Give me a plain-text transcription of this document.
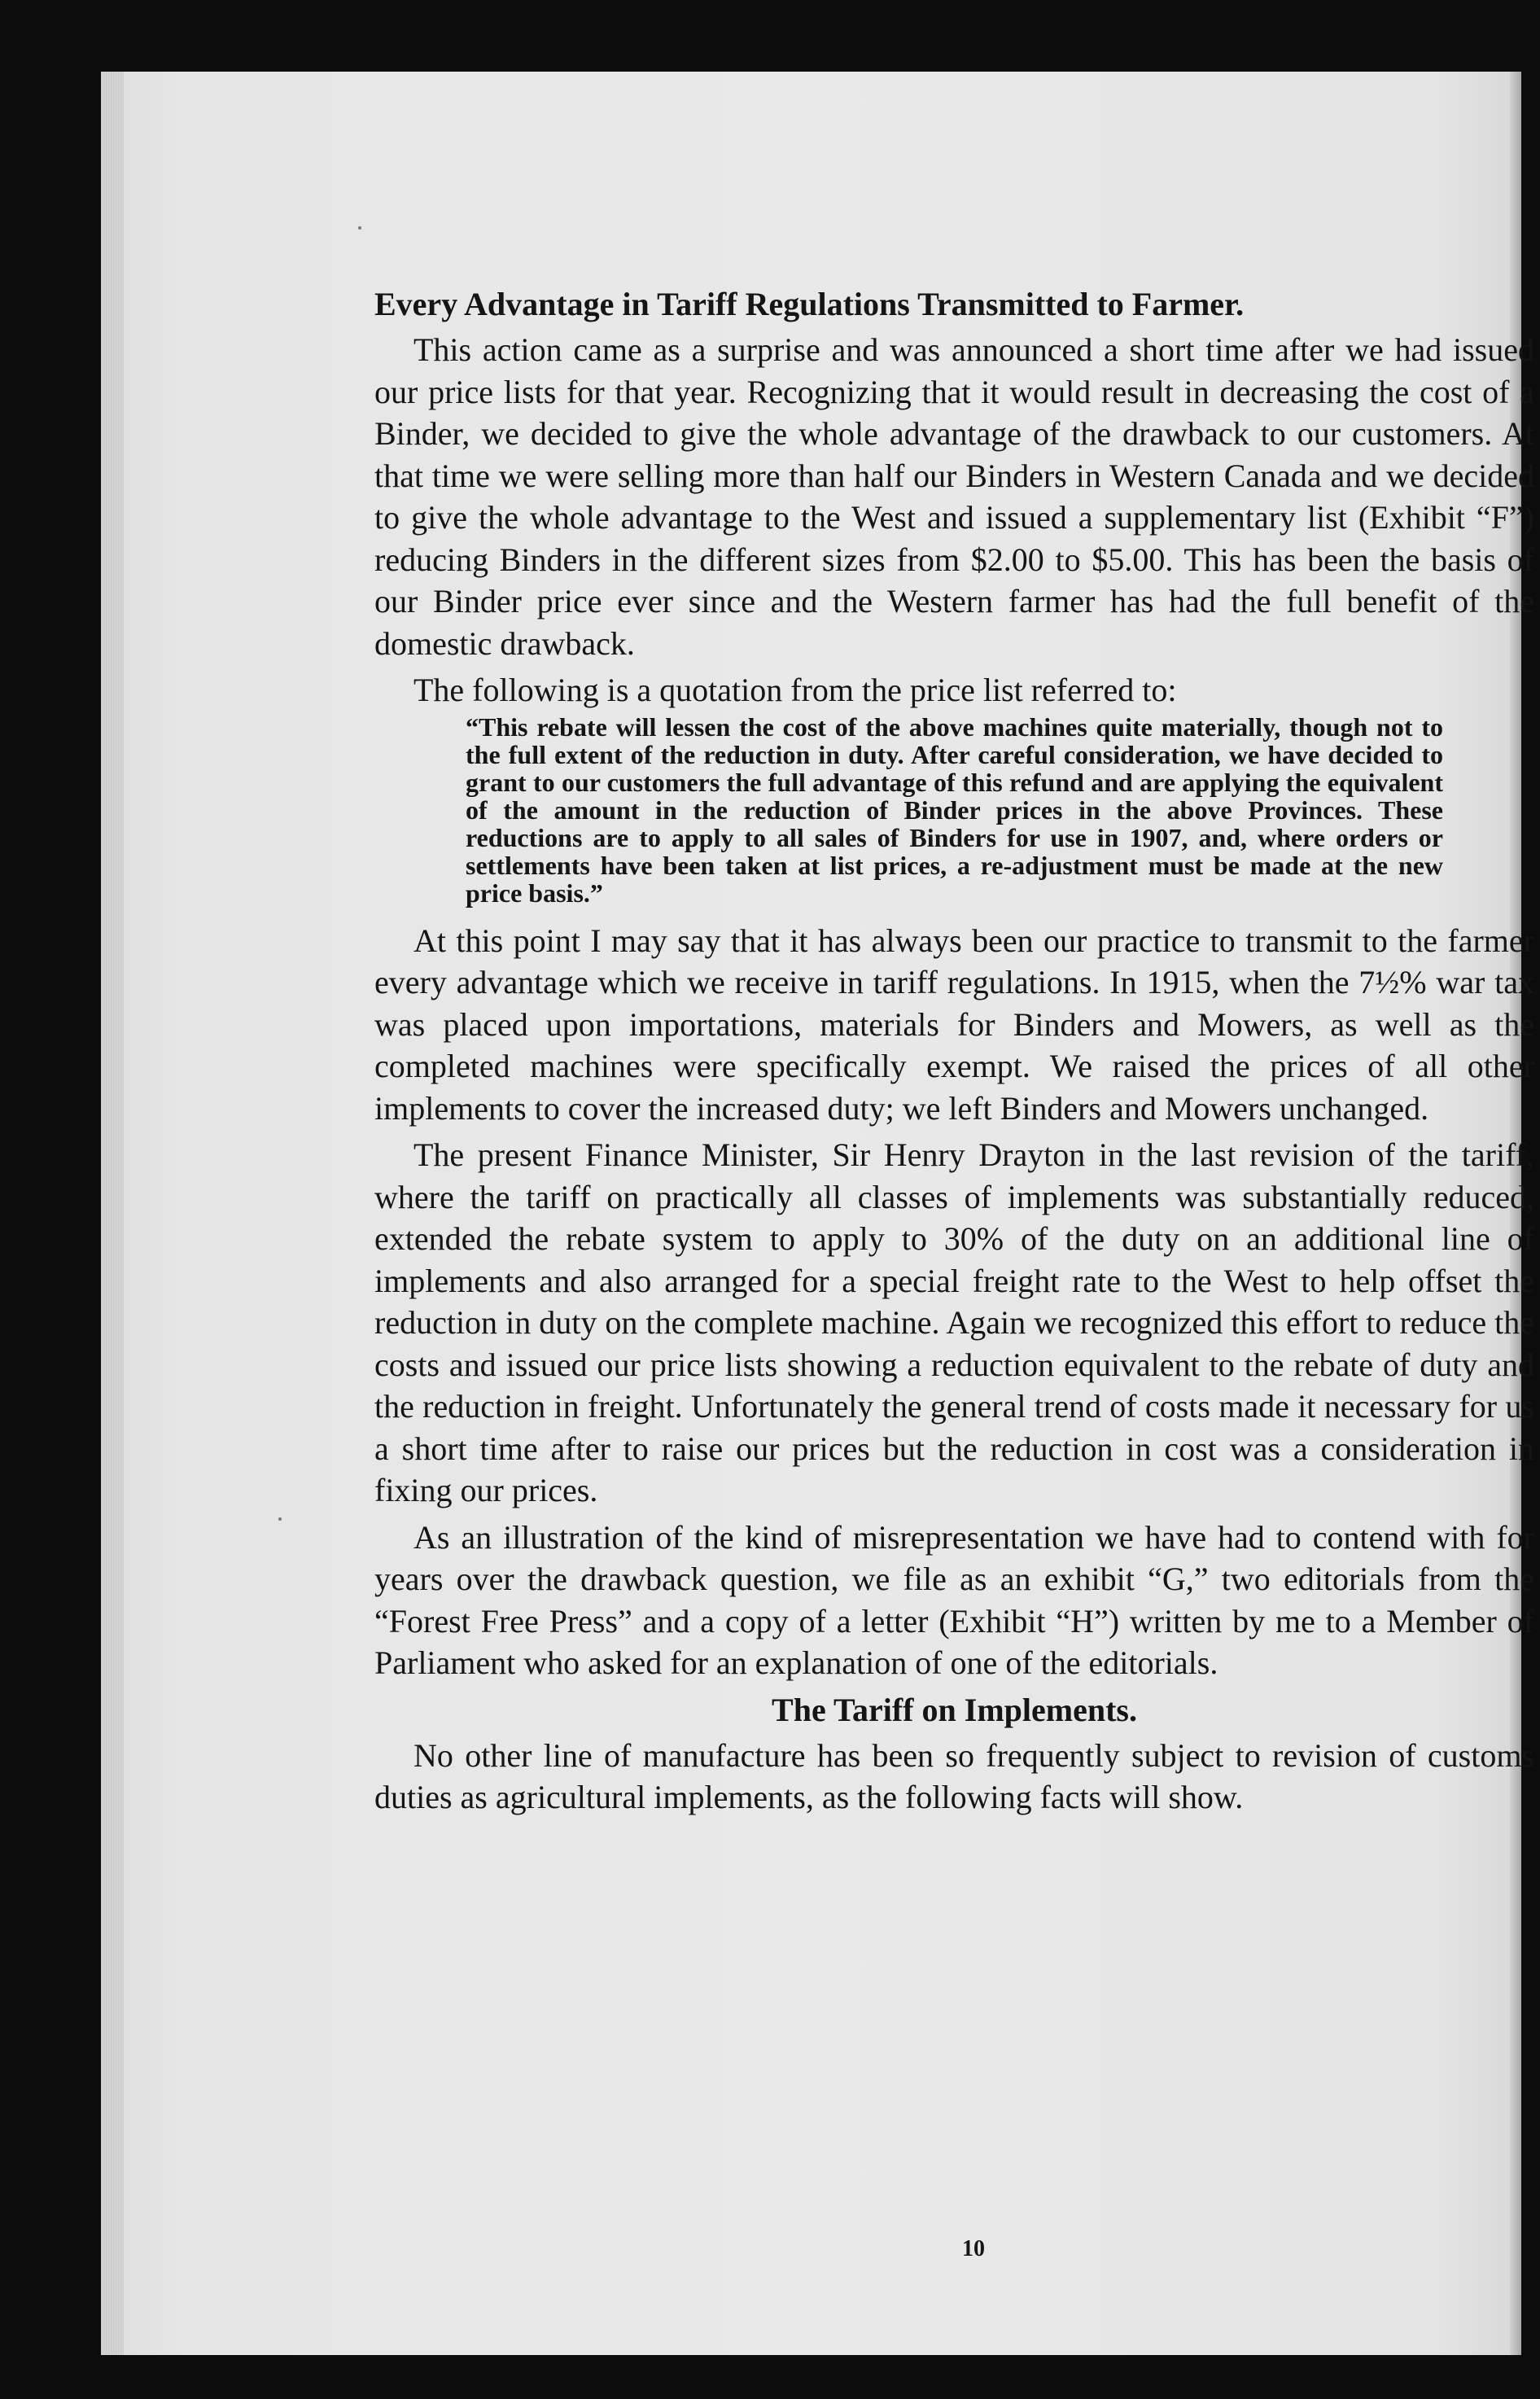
Every Advantage in Tariff Regulations Transmitted to Farmer.

This action came as a surprise and was announced a short time after we had issued our price lists for that year. Recognizing that it would result in decreasing the cost of a Binder, we decided to give the whole advantage of the drawback to our customers. At that time we were selling more than half our Binders in Western Canada and we decided to give the whole advantage to the West and issued a supplementary list (Exhibit “F”) reducing Binders in the different sizes from $2.00 to $5.00. This has been the basis of our Binder price ever since and the Western farmer has had the full benefit of the domestic drawback.

The following is a quotation from the price list referred to:

“This rebate will lessen the cost of the above machines quite materially, though not to the full extent of the reduction in duty. After careful consideration, we have decided to grant to our customers the full advantage of this refund and are applying the equivalent of the amount in the reduction of Binder prices in the above Provinces. These reductions are to apply to all sales of Binders for use in 1907, and, where orders or settlements have been taken at list prices, a re-adjustment must be made at the new price basis.”

At this point I may say that it has always been our practice to transmit to the farmer every advantage which we receive in tariff regulations. In 1915, when the 7½% war tax was placed upon importations, materials for Binders and Mowers, as well as the completed machines were specifically exempt. We raised the prices of all other implements to cover the increased duty; we left Binders and Mowers unchanged.

The present Finance Minister, Sir Henry Drayton in the last revision of the tariff, where the tariff on practically all classes of implements was substantially reduced, extended the rebate system to apply to 30% of the duty on an additional line of implements and also arranged for a special freight rate to the West to help offset the reduction in duty on the complete machine. Again we recognized this effort to reduce the costs and issued our price lists showing a reduction equivalent to the rebate of duty and the reduction in freight. Unfortunately the general trend of costs made it necessary for us a short time after to raise our prices but the reduction in cost was a consideration in fixing our prices.

As an illustration of the kind of misrepresentation we have had to contend with for years over the drawback question, we file as an exhibit “G,” two editorials from the “Forest Free Press” and a copy of a letter (Exhibit “H”) written by me to a Member of Parliament who asked for an explanation of one of the editorials.

The Tariff on Implements.

No other line of manufacture has been so frequently subject to revision of customs duties as agricultural implements, as the following facts will show.

10
